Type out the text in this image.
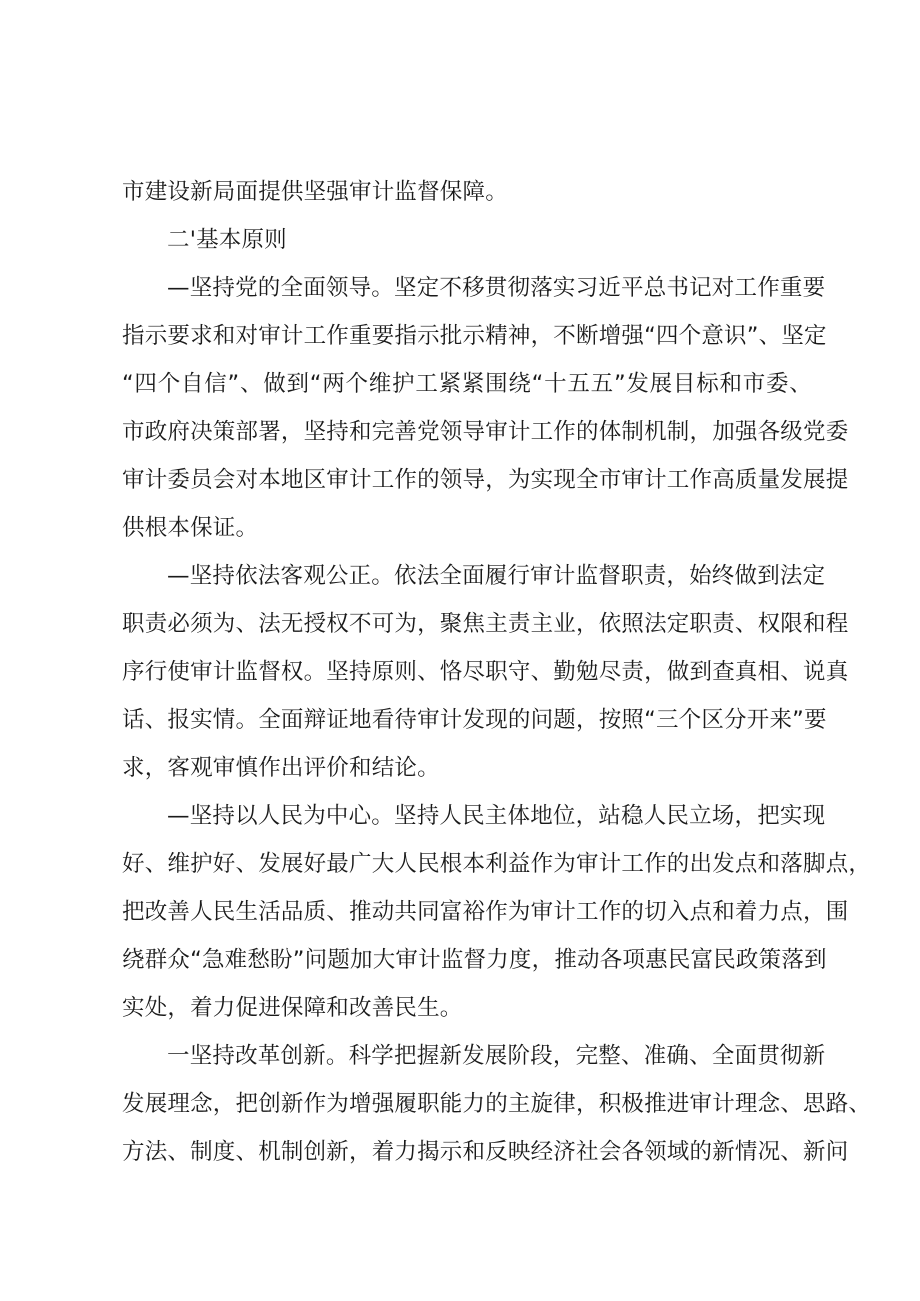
市建设新局面提供坚强审计监督保障。
二'基本原则
—坚持党的全面领导。坚定不移贯彻落实习近平总书记对工作重要
指示要求和对审计工作重要指示批示精神，不断增强“四个意识”、坚定
“四个自信”、做到“两个维护工紧紧围绕“十五五”发展目标和市委、
市政府决策部署，坚持和完善党领导审计工作的体制机制，加强各级党委
审计委员会对本地区审计工作的领导，为实现全市审计工作高质量发展提
供根本保证。
—坚持依法客观公正。依法全面履行审计监督职责，始终做到法定
职责必须为、法无授权不可为，聚焦主责主业，依照法定职责、权限和程
序行使审计监督权。坚持原则、恪尽职守、勤勉尽责，做到查真相、说真
话、报实情。全面辩证地看待审计发现的问题，按照“三个区分开来”要
求，客观审慎作出评价和结论。
—坚持以人民为中心。坚持人民主体地位，站稳人民立场，把实现
好、维护好、发展好最广大人民根本利益作为审计工作的出发点和落脚点，
把改善人民生活品质、推动共同富裕作为审计工作的切入点和着力点，围
绕群众“急难愁盼”问题加大审计监督力度，推动各项惠民富民政策落到
实处，着力促进保障和改善民生。
一坚持改革创新。科学把握新发展阶段，完整、准确、全面贯彻新
发展理念，把创新作为增强履职能力的主旋律，积极推进审计理念、思路、
方法、制度、机制创新，着力揭示和反映经济社会各领域的新情况、新问
